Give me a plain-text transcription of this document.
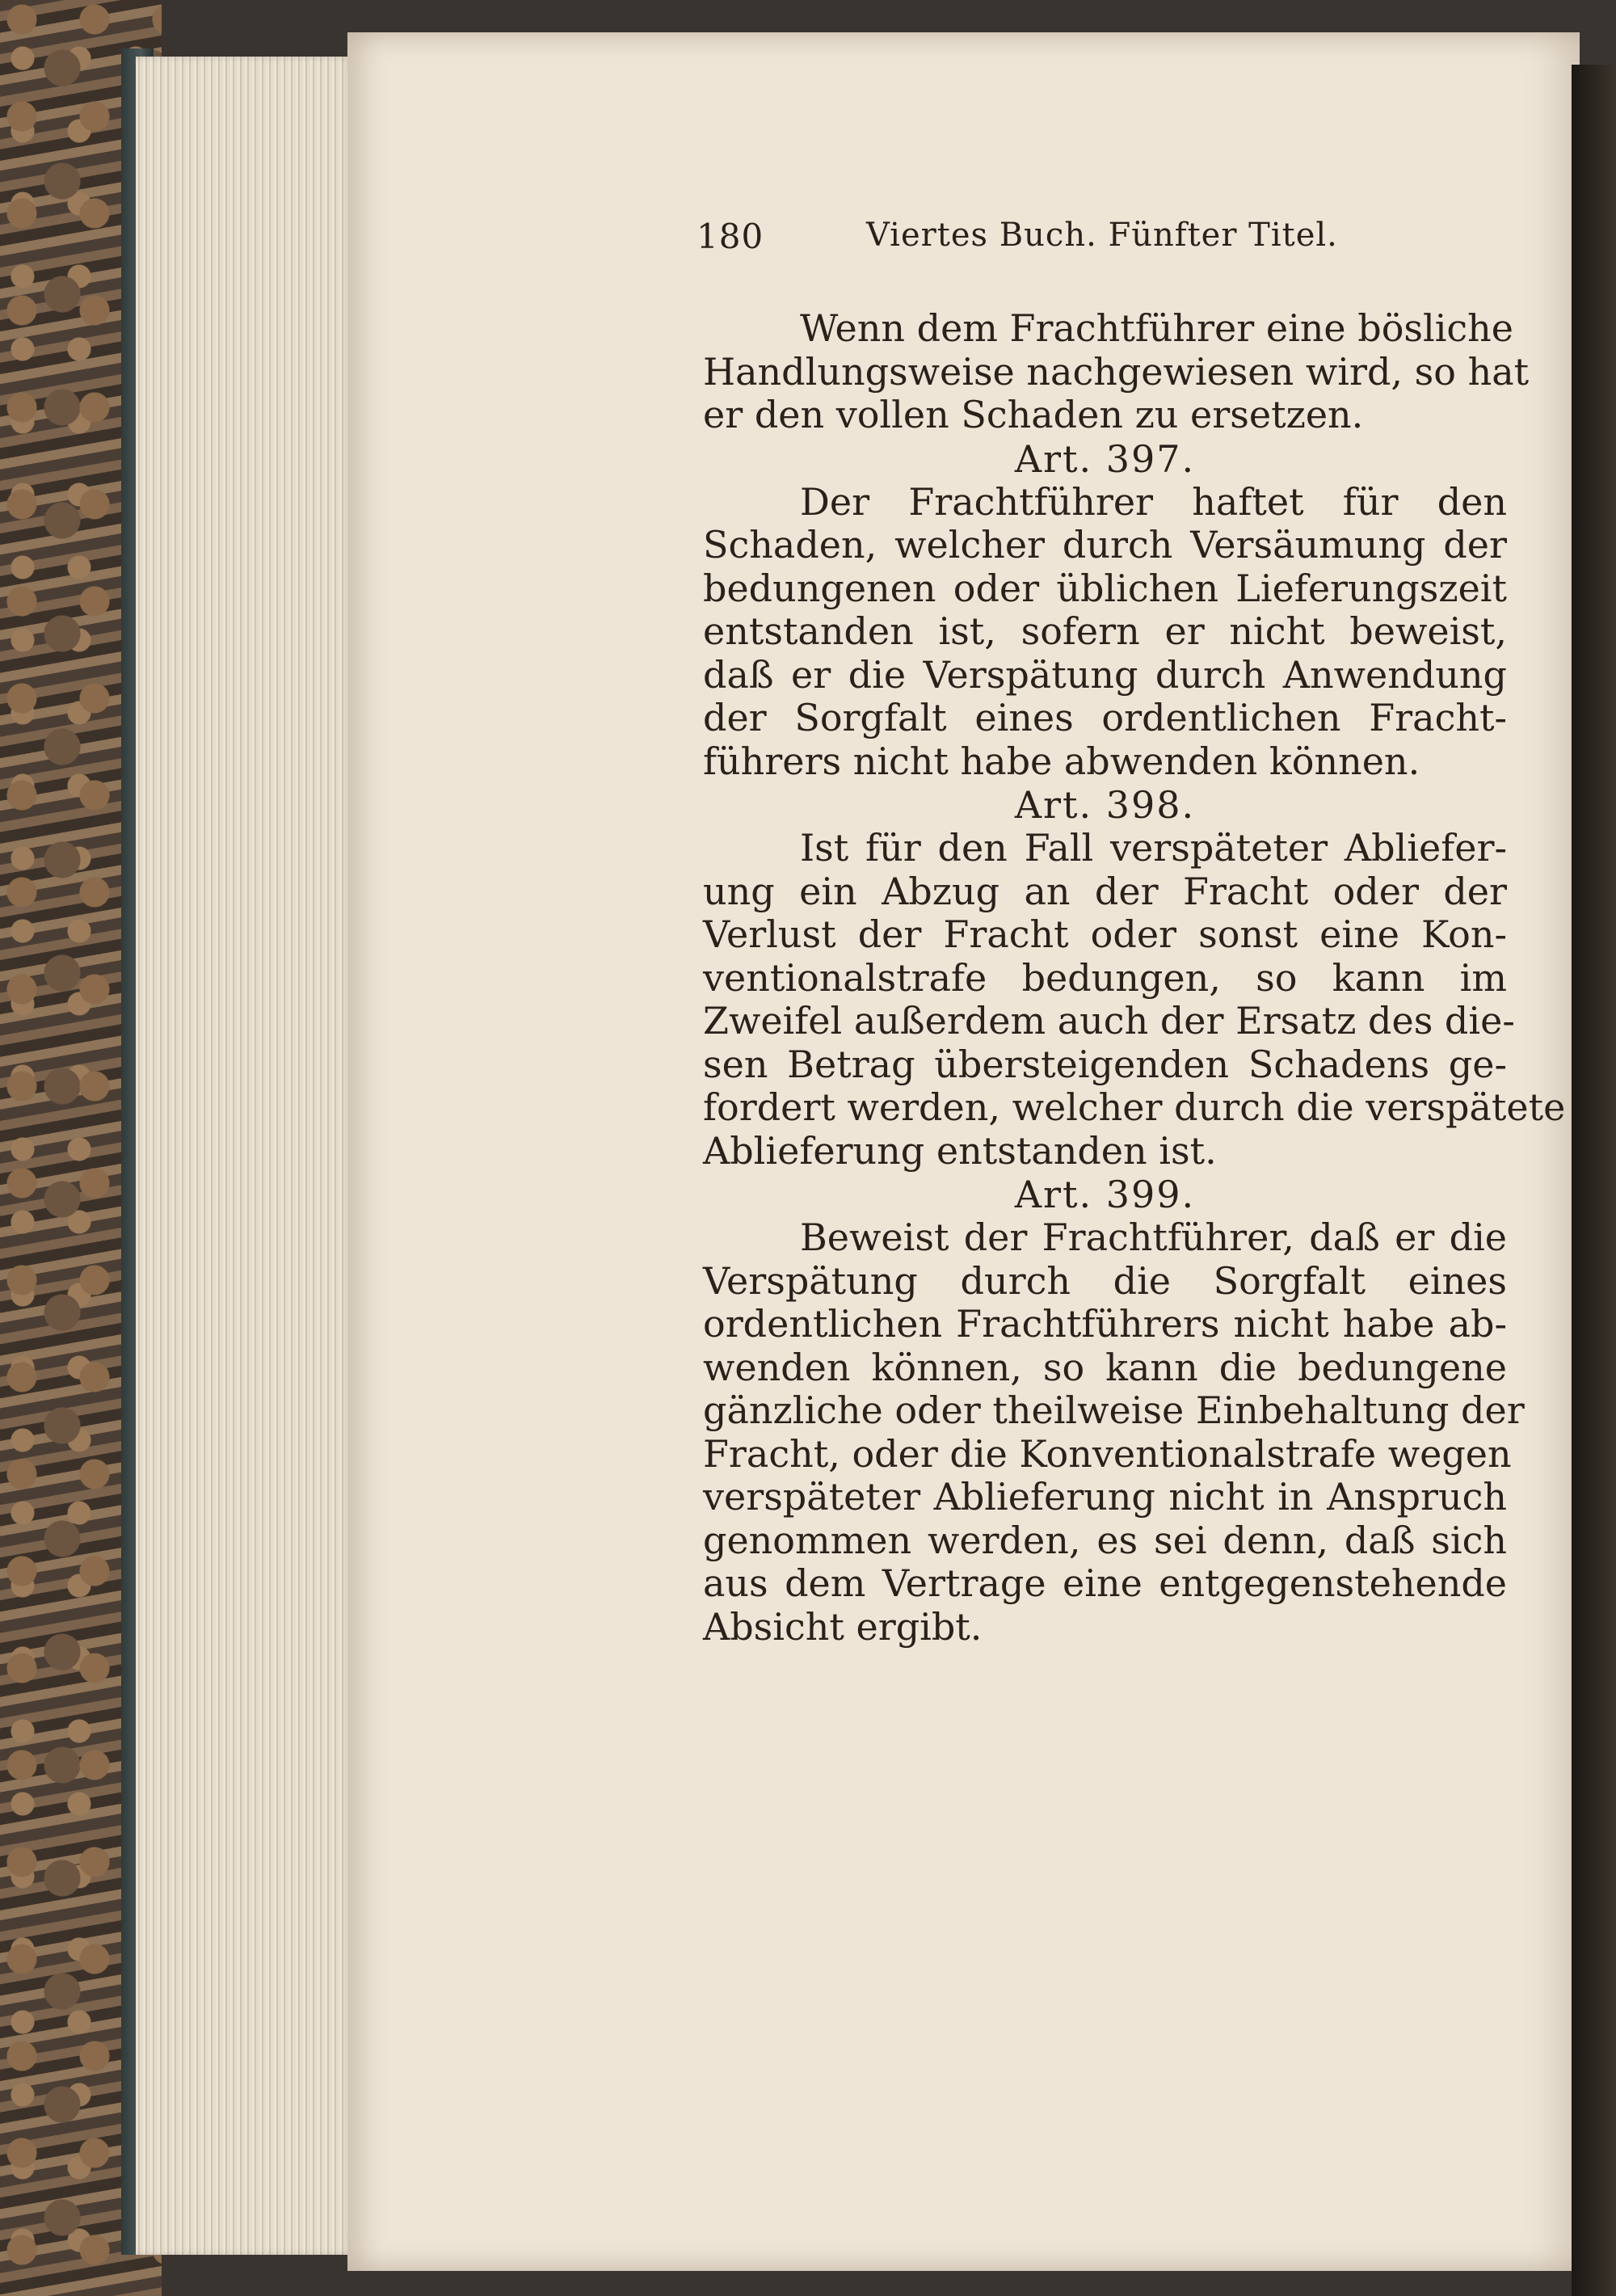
180	Viertes Buch. Fünfter Titel.

Wenn dem Frachtführer eine bösliche
Handlungsweise nachgewiesen wird, so hat
er den vollen Schaden zu ersetzen.

Art. 397.

Der Frachtführer haftet für den
Schaden, welcher durch Versäumung der
bedungenen oder üblichen Lieferungszeit
entstanden ist, sofern er nicht beweist,
daß er die Verspätung durch Anwendung
der Sorgfalt eines ordentlichen Fracht-
führers nicht habe abwenden können.

Art. 398.

Ist für den Fall verspäteter Abliefer-
ung ein Abzug an der Fracht oder der
Verlust der Fracht oder sonst eine Kon-
ventionalstrafe bedungen, so kann im
Zweifel außerdem auch der Ersatz des die-
sen Betrag übersteigenden Schadens ge-
fordert werden, welcher durch die verspätete
Ablieferung entstanden ist.

Art. 399.

Beweist der Frachtführer, daß er die
Verspätung durch die Sorgfalt eines
ordentlichen Frachtführers nicht habe ab-
wenden können, so kann die bedungene
gänzliche oder theilweise Einbehaltung der
Fracht, oder die Konventionalstrafe wegen
verspäteter Ablieferung nicht in Anspruch
genommen werden, es sei denn, daß sich
aus dem Vertrage eine entgegenstehende
Absicht ergibt.
